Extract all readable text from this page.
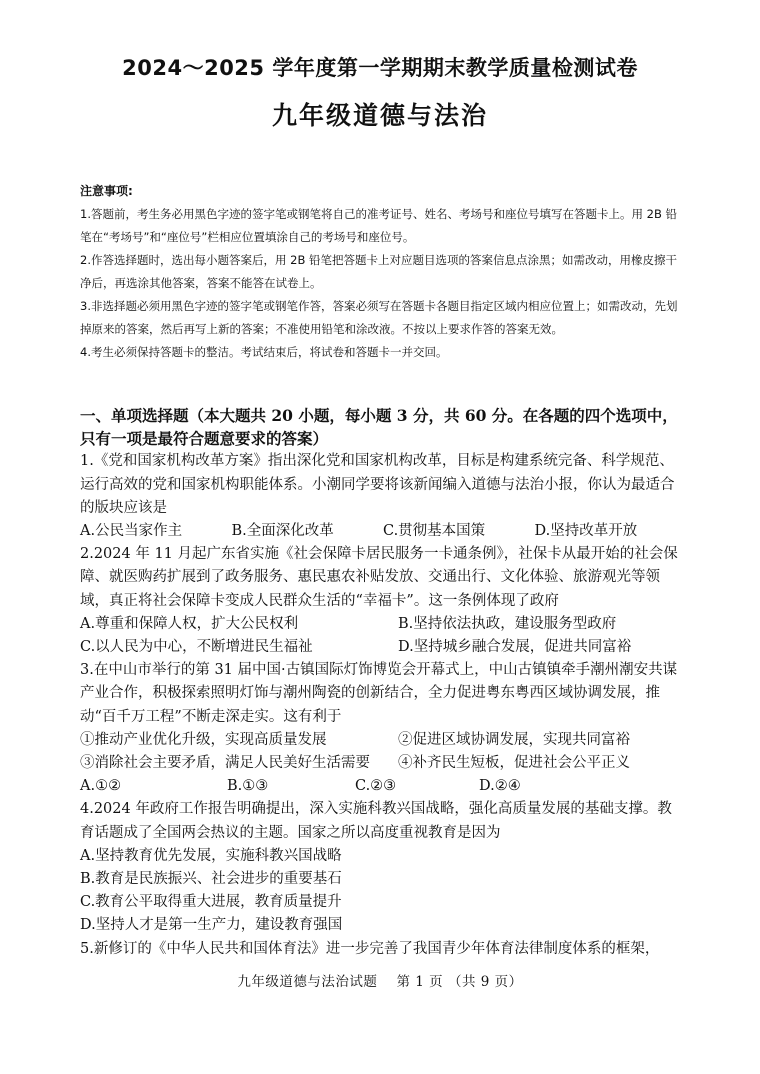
2024～2025 学年度第一学期期末教学质量检测试卷
九年级道德与法治

注意事项:

1.答题前，考生务必用黑色字迹的签字笔或钢笔将自己的准考证号、姓名、考场号和座位号填写在答题卡上。用 2B 铅笔在“考场号”和“座位号”栏相应位置填涂自己的考场号和座位号。

2.作答选择题时，选出每小题答案后，用 2B 铅笔把答题卡上对应题目选项的答案信息点涂黑；如需改动，用橡皮擦干净后，再选涂其他答案，答案不能答在试卷上。

3.非选择题必须用黑色字迹的签字笔或钢笔作答，答案必须写在答题卡各题目指定区域内相应位置上；如需改动，先划掉原来的答案，然后再写上新的答案；不准使用铅笔和涂改液。不按以上要求作答的答案无效。

4.考生必须保持答题卡的整洁。考试结束后，将试卷和答题卡一并交回。

一、单项选择题（本大题共 20 小题，每小题 3 分，共 60 分。在各题的四个选项中，只有一项是最符合题意要求的答案）

1.《党和国家机构改革方案》指出深化党和国家机构改革，目标是构建系统完备、科学规范、运行高效的党和国家机构职能体系。小潮同学要将该新闻编入道德与法治小报，你认为最适合的版块应该是

A.公民当家作主	B.全面深化改革	C.贯彻基本国策	D.坚持改革开放

2.2024 年 11 月起广东省实施《社会保障卡居民服务一卡通条例》，社保卡从最开始的社会保障、就医购药扩展到了政务服务、惠民惠农补贴发放、交通出行、文化体验、旅游观光等领域，真正将社会保障卡变成人民群众生活的“幸福卡”。这一条例体现了政府

A.尊重和保障人权，扩大公民权利	B.坚持依法执政，建设服务型政府
C.以人民为中心，不断增进民生福祉	D.坚持城乡融合发展，促进共同富裕

3.在中山市举行的第 31 届中国·古镇国际灯饰博览会开幕式上，中山古镇镇牵手潮州潮安共谋产业合作，积极探索照明灯饰与潮州陶瓷的创新结合，全力促进粤东粤西区域协调发展，推动“百千万工程”不断走深走实。这有利于

①推动产业优化升级，实现高质量发展	②促进区域协调发展，实现共同富裕
③消除社会主要矛盾，满足人民美好生活需要	④补齐民生短板，促进社会公平正义
A.①②	B.①③	C.②③	D.②④

4.2024 年政府工作报告明确提出，深入实施科教兴国战略，强化高质量发展的基础支撑。教育话题成了全国两会热议的主题。国家之所以高度重视教育是因为

A.坚持教育优先发展，实施科教兴国战略

B.教育是民族振兴、社会进步的重要基石

C.教育公平取得重大进展，教育质量提升

D.坚持人才是第一生产力，建设教育强国

5.新修订的《中华人民共和国体育法》进一步完善了我国青少年体育法律制度体系的框架，

九年级道德与法治试题 第 1 页 （共 9 页）
